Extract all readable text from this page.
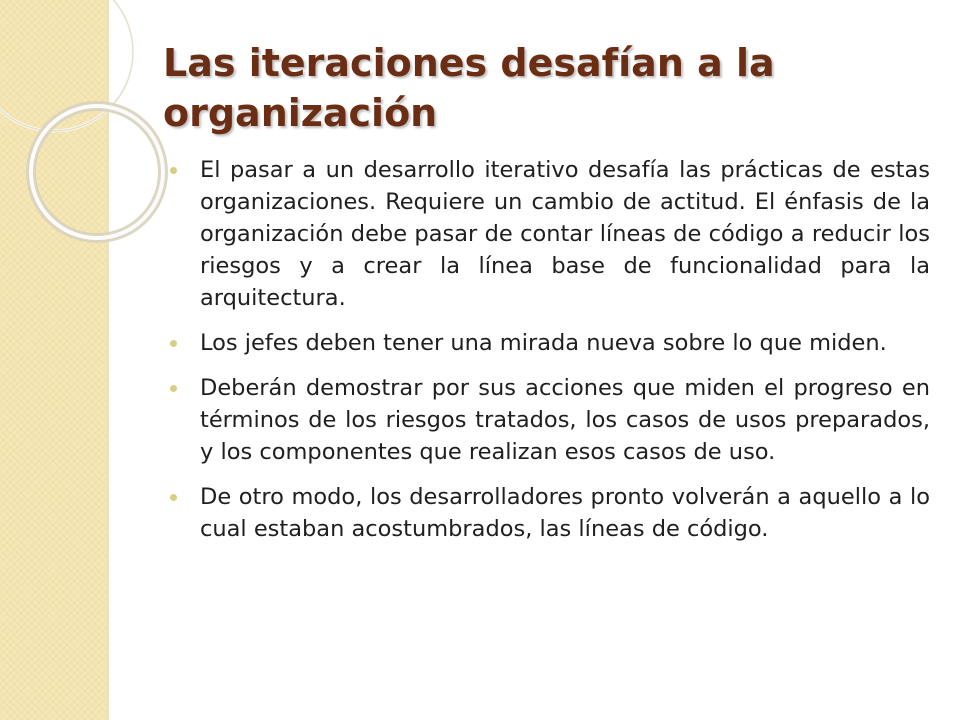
Las iteraciones desafían a la organización
El pasar a un desarrollo iterativo desafía las prácticas de estas organizaciones. Requiere un cambio de actitud. El énfasis de la organización debe pasar de contar líneas de código a reducir los riesgos y a crear la línea base de funcionalidad para la arquitectura.
Los jefes deben tener una mirada nueva sobre lo que miden.
Deberán demostrar por sus acciones que miden el progreso en términos de los riesgos tratados, los casos de usos preparados, y los componentes que realizan esos casos de uso.
De otro modo, los desarrolladores pronto volverán a aquello a lo cual estaban acostumbrados, las líneas de código.
